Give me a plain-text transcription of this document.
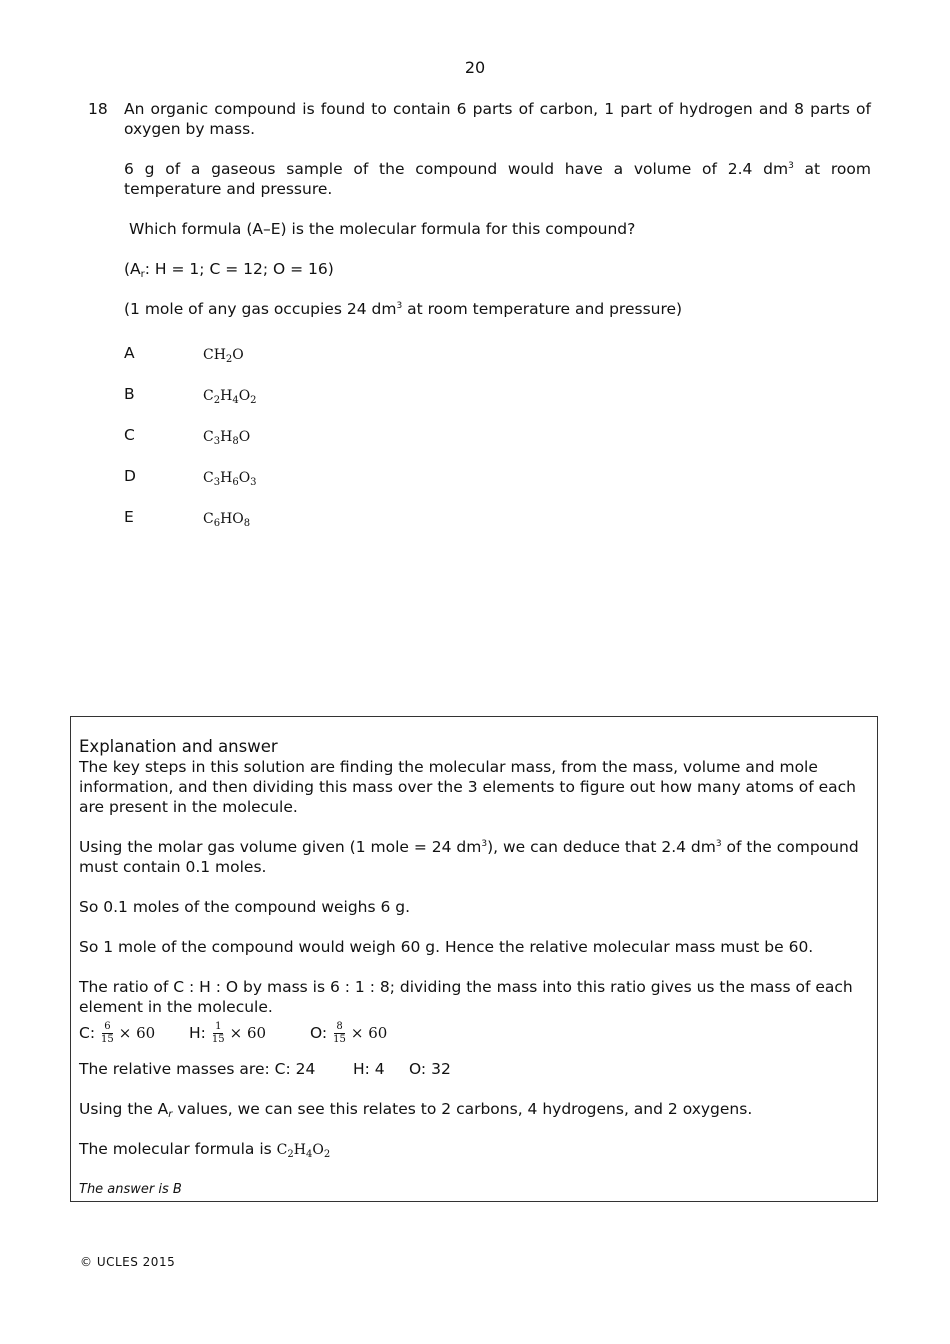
20
18 An organic compound is found to contain 6 parts of carbon, 1 part of hydrogen and 8 parts of oxygen by mass.

6 g of a gaseous sample of the compound would have a volume of 2.4 $dm^3$ at room temperature and pressure.

Which formula (A–E) is the molecular formula for this compound?

($A_r$: H = 1; C = 12; O = 16)

(1 mole of any gas occupies 24 $dm^3$ at room temperature and pressure)

A	$CH_2O$
B	$C_2H_4O_2$
C	$C_3H_8O$
D	$C_3H_6O_3$
E	$C_6HO_8$
Explanation and answer

The key steps in this solution are finding the molecular mass, from the mass, volume and mole information, and then dividing this mass over the 3 elements to figure out how many atoms of each are present in the molecule.

Using the molar gas volume given (1 mole = 24 $dm^3$), we can deduce that 2.4 $dm^3$ of the compound must contain 0.1 moles.

So 0.1 moles of the compound weighs 6 g.

So 1 mole of the compound would weigh 60 g. Hence the relative molecular mass must be 60.

The ratio of C : H : O by mass is 6 : 1 : 8; dividing the mass into this ratio gives us the mass of each element in the molecule.

C: $\frac{6}{15} \times 60$ H: $\frac{1}{15} \times 60$	O: $\frac{8}{15} \times 60$
The relative masses are: C: 24 H: 4 O: 32

Using the $A_r$ values, we can see this relates to 2 carbons, 4 hydrogens, and 2 oxygens.

The molecular formula is $C_2H_4O_2$

The answer is B

© UCLES 2015
